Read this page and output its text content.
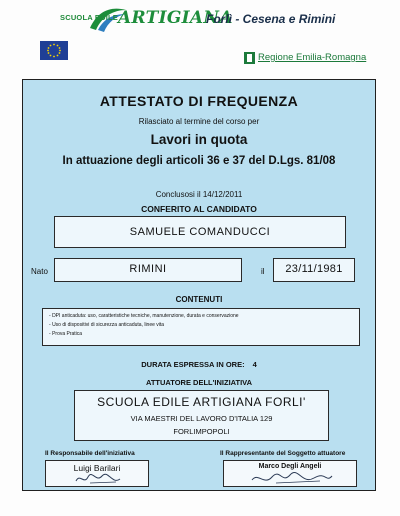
SCUOLA EDILE ARTIGIANA
Forlì - Cesena e Rimini
Regione Emilia-Romagna
ATTESTATO DI FREQUENZA
Rilasciato al termine del corso per
Lavori in quota
In attuazione degli articoli 36 e 37 del D.Lgs. 81/08
Conclusosi il 14/12/2011
CONFERITO AL CANDIDATO
SAMUELE COMANDUCCI
Nato	RIMINI	il	23/11/1981
CONTENUTI
- DPI anticaduta: uso, caratteristiche tecniche, manutenzione, durata e conservazione
- Uso di dispositivi di sicurezza anticaduta, linee vita
- Prova Pratica
DURATA ESPRESSA IN ORE: 4
ATTUATORE DELL'INIZIATIVA
SCUOLA EDILE ARTIGIANA FORLI'
VIA MAESTRI DEL LAVORO D'ITALIA 129
FORLIMPOPOLI
Il Responsabile dell'iniziativa	Il Rappresentante del Soggetto attuatore
Luigi Barilari	Marco Degli Angeli
